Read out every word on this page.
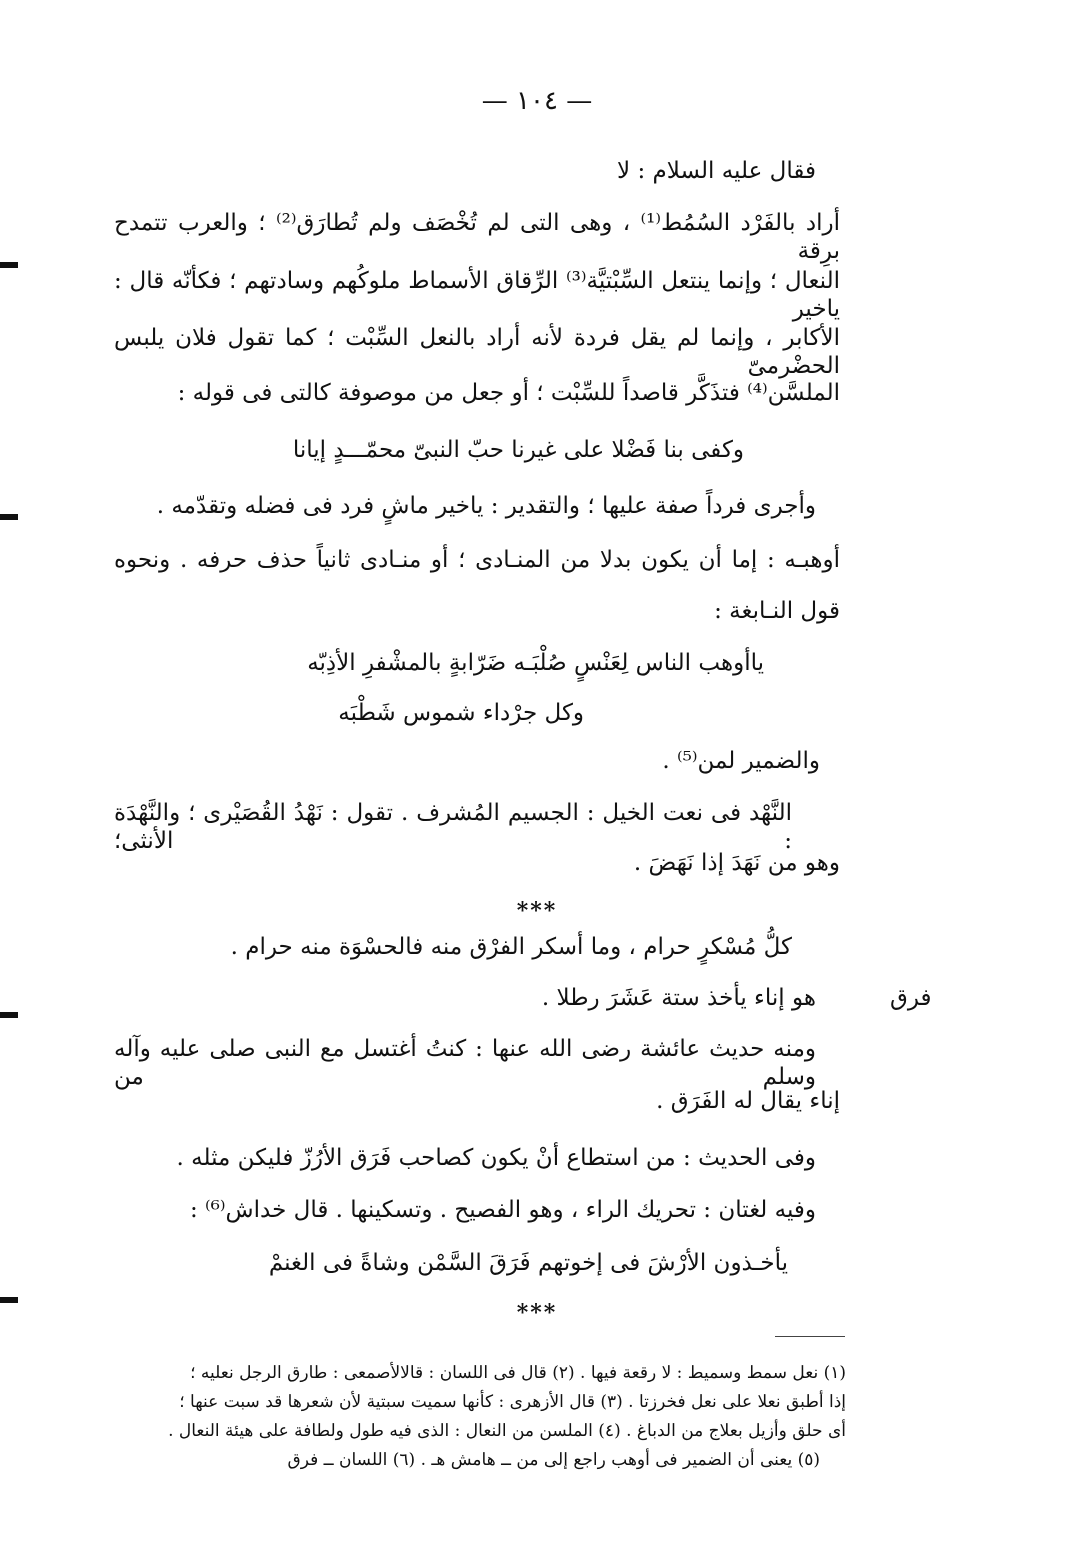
— ١٠٤ —
فقال عليه السلام : لا
أراد بالفَرْد السُمُط⁽¹⁾ ، وهى التى لم تُخْصَف ولم تُطارَق⁽²⁾ ؛ والعرب تتمدح برِقة
النعال ؛ وإنما ينتعل السِّبْتيَّة⁽³⁾ الرِّقاق الأسماط ملوكُهم وسادتهم ؛ فكأنّه قال : ياخير
الأكابر ، وإنما لم يقل فردة لأنه أراد بالنعل السِّبْت ؛ كما تقول فلان يلبس الحضْرمىّ
الملسَّن⁽⁴⁾ فتذَكَّر قاصداً للسِّبْت ؛ أو جعل من موصوفة كالتى فى قوله :
وكفى بنا فَضْلا على غيرنا حبّ النبىّ محمّـــدٍ إيانا
وأجرى فرداً صفة عليها ؛ والتقدير : ياخير ماشٍ فرد فى فضله وتقدّمه .
أوهبـه : إما أن يكون بدلا من المنـادى ؛ أو منـادى ثانياً حذف حرفه . ونحوه
قول النـابغة :
ياأوهب الناس لِعَنْسٍ صُلْبَـه ضَرّابةٍ بالمشْفرِ الأذِبّه
وكل جرْداء شموس شَطْبَه
والضمير لمن⁽⁵⁾ .
النَّهْد فى نعت الخيل : الجسيم المُشرف . تقول : نَهْدُ القُصَيْرى ؛ والنَّهْدَة : الأنثى؛
وهو من نَهَدَ إذا نَهَضَ .
***
كلُّ مُسْكرٍ حرام ، وما أسكر الفرْق منه فالحسْوَة منه حرام .
هو إناء يأخذ ستة عَشَرَ رطلا .	فرق
ومنه حديث عائشة رضى الله عنها : كنتُ أغتسل مع النبى صلى عليه وآله وسلم من
إناء يقال له الفَرَق .
وفى الحديث : من استطاع أنْ يكون كصاحب فَرَق الأرُزّ فليكن مثله .
وفيه لغتان : تحريك الراء ، وهو الفصيح . وتسكينها . قال خداش⁽⁶⁾ :
يأخـذون الأرْشَ فى إخوتهم فَرَقَ السَّمْن وشاةً فى الغنمْ
***
(١) نعل سمط وسميط : لا رقعة فيها . (٢) قال فى اللسان : قالالأصمعى : طارق الرجل نعليه ؛
إذا أطبق نعلا على نعل فخرزتا . (٣) قال الأزهرى : كأنها سميت سبتية لأن شعرها قد سبت عنها ؛
أى حلق وأزيل بعلاج من الدباغ . (٤) الملسن من النعال : الذى فيه طول ولطافة على هيئة النعال .
(٥) يعنى أن الضمير فى أوهب راجع إلى من ــ هامش هـ . (٦) اللسان ــ فرق
